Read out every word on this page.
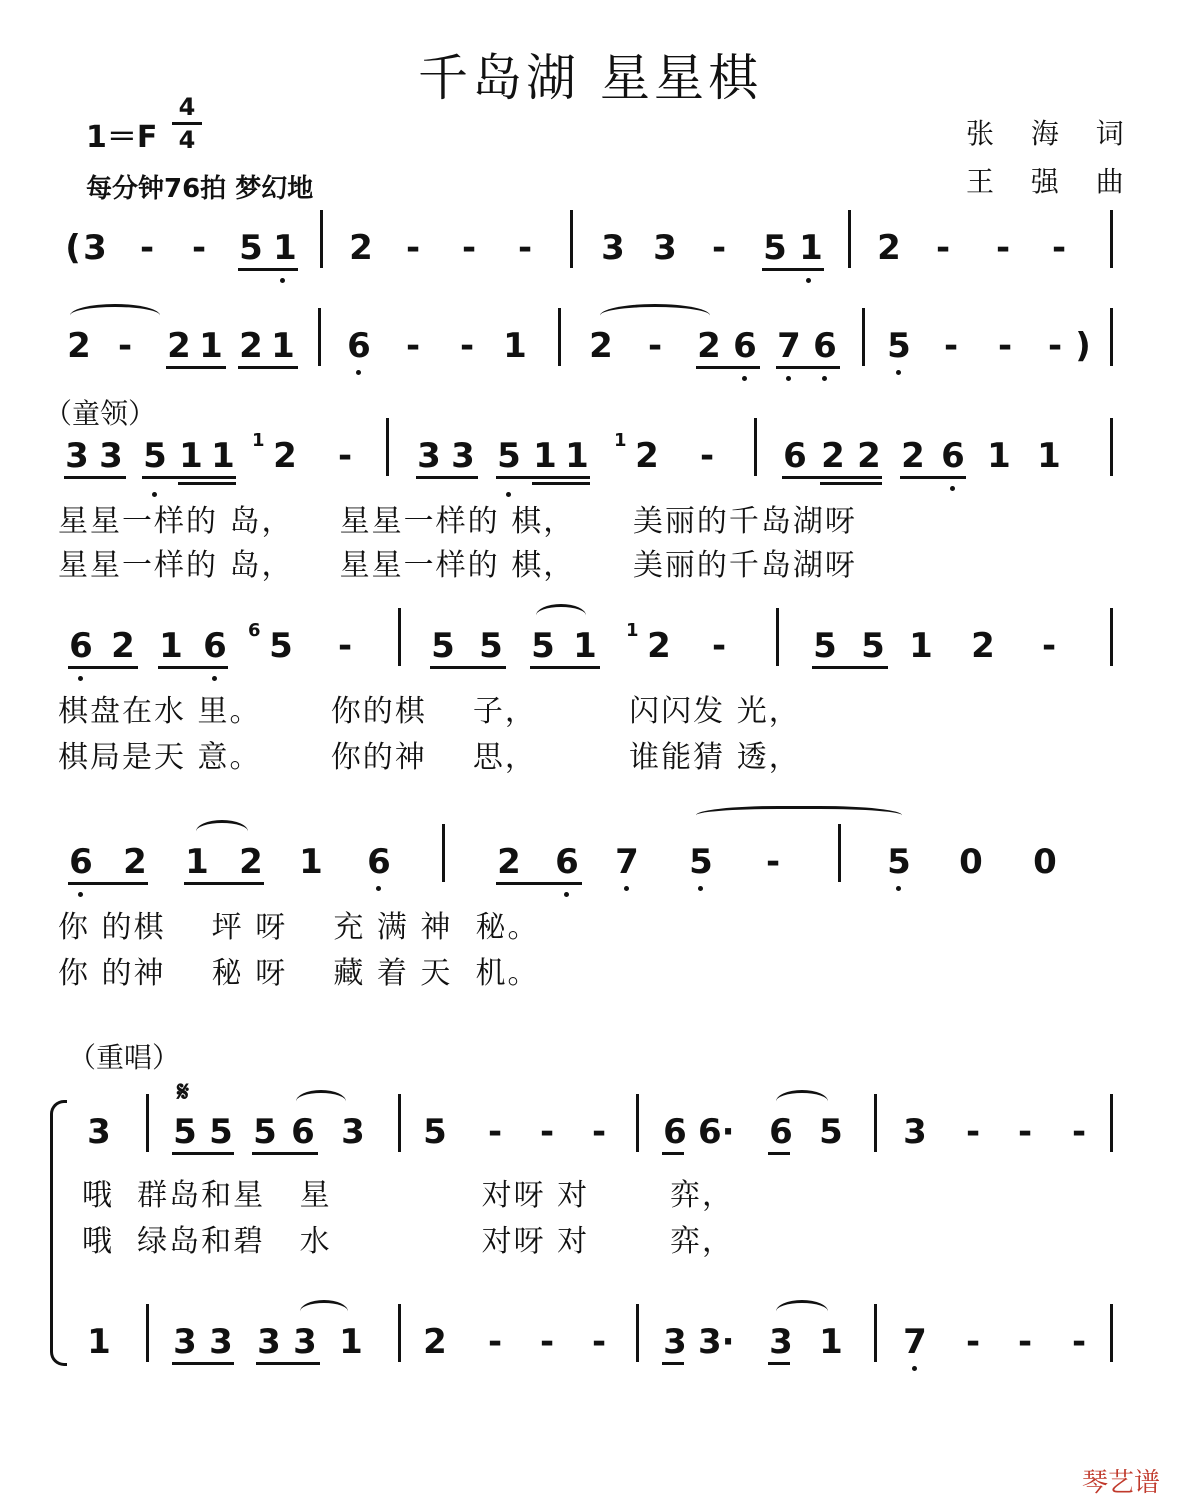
千岛湖 星星棋
1＝F
4
4
每分钟76拍 梦幻地
张 海 词
王 强 曲
( 3 - - 5 1 2 - - - 3 3 - 5 1 2 - - -
2 - 2 1 2 1 6 - - 1 2 - 2 6 7 6 5 - - - )
（童领）
3 3 5 1 1 1 2 - 3 3 5 1 1 1 2 - 6 2 2 2 6 1 1
星星一样的 岛，    星星一样的 棋，     美丽的千岛湖呀
星星一样的 岛，    星星一样的 棋，     美丽的千岛湖呀
6 2 1 6 6 5 - 5 5 5 1 1 2 -	5 5 1 2 -
棋盘在水 里。      你的棋    子，        闪闪发 光，
棋局是天 意。      你的神    思，        谁能猜 透，
6 2 1 2 1 6	2 6 7 5 -	5 0 0
你 的棋    坪 呀    充 满 神  秘。
你 的神    秘 呀    藏 着 天  机。
（重唱）
3
𝄋
5 5 5 6 3 5 - - - 6 6· 6 5 3 - - -
哦  群岛和星   星             对呀 对       弈，
哦  绿岛和碧   水             对呀 对       弈，
1 3 3 3 3 1 2 - - - 3 3· 3 1 7 - - -
琴艺谱
